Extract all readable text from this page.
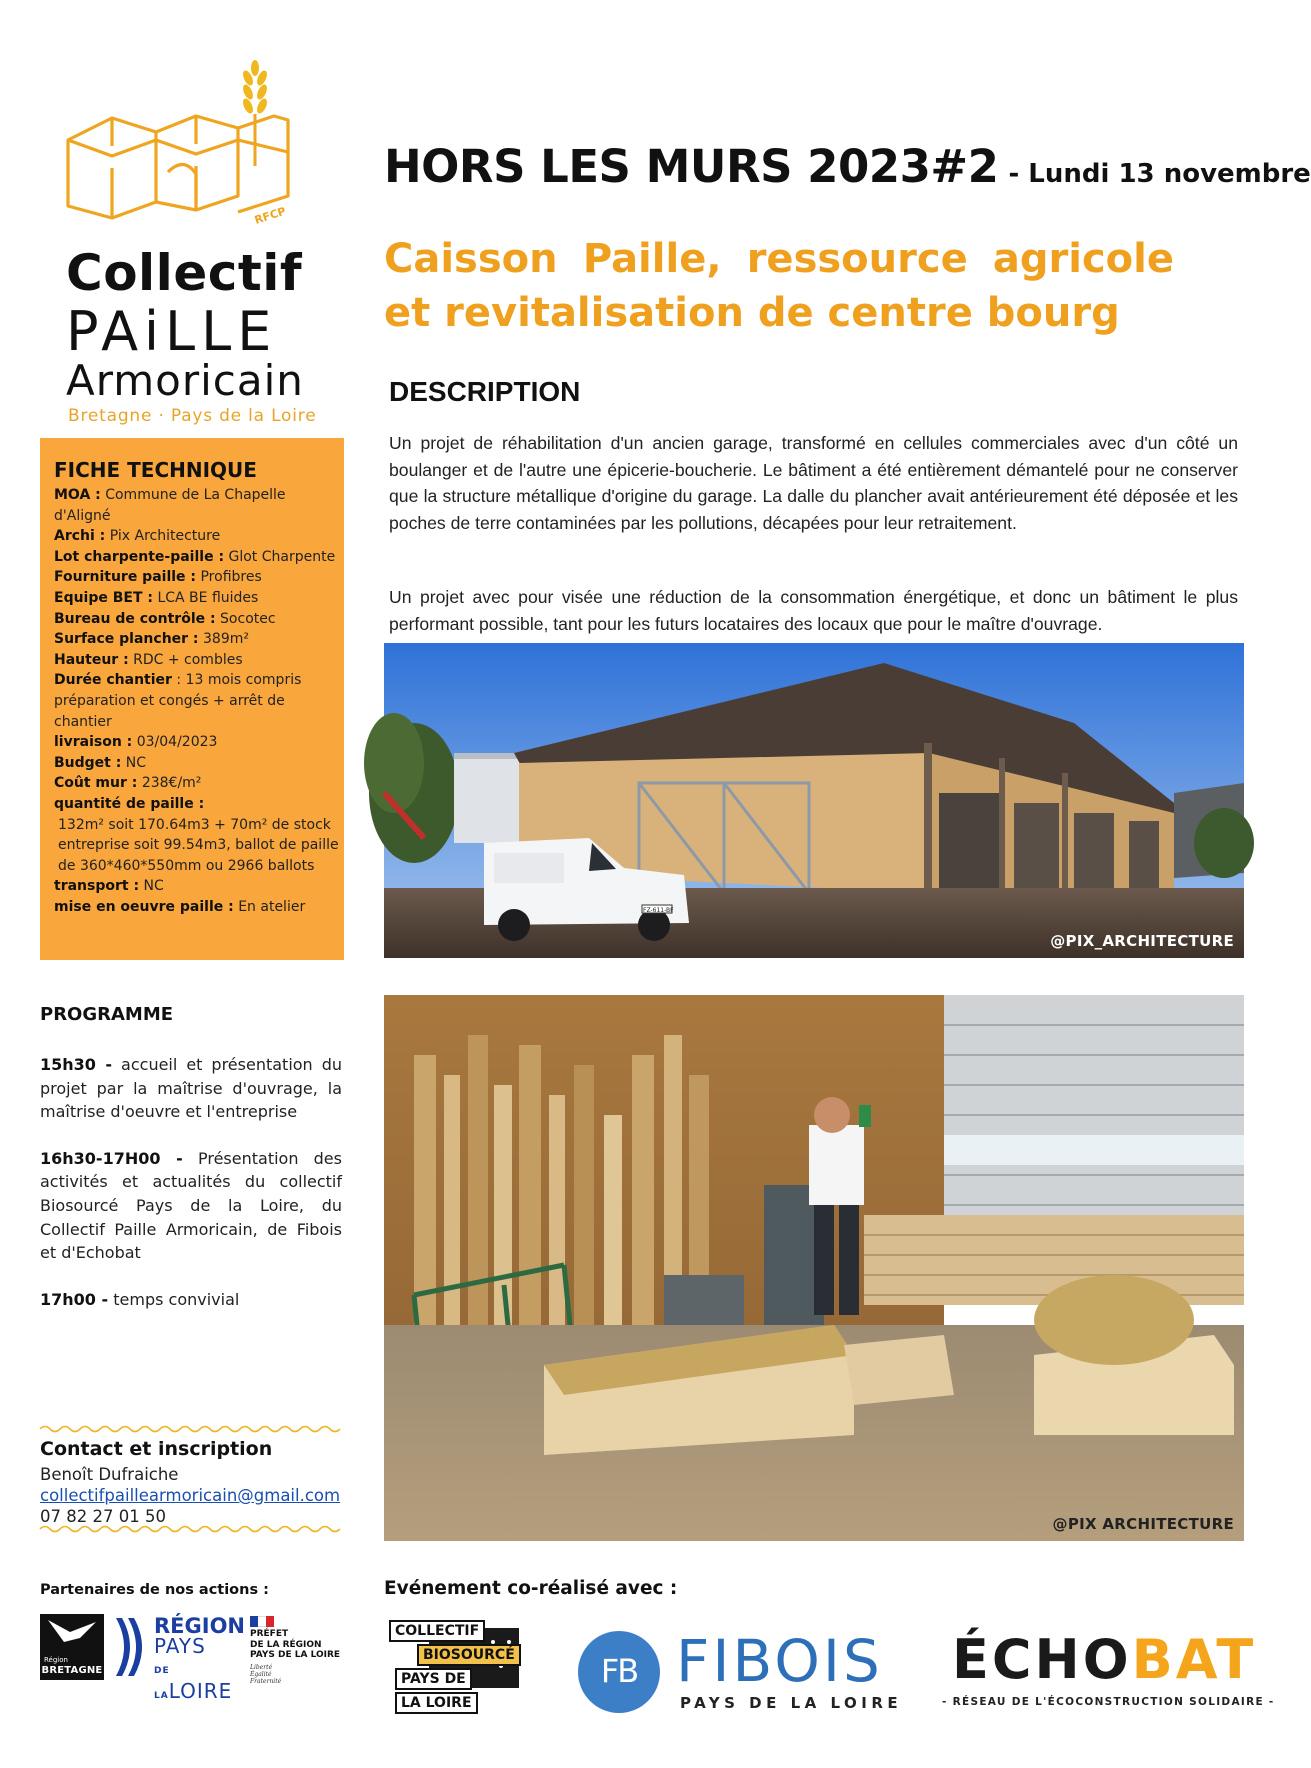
RFCP
Collectif
PAiLLE
Armoricain
Bretagne · Pays de la Loire
HORS LES MURS 2023#2 - Lundi 13 novembre
Caisson Paille, ressource agricole et revitalisation de centre bourg
DESCRIPTION
Un projet de réhabilitation d'un ancien garage, transformé en cellules commerciales avec d'un côté un boulanger et de l'autre une épicerie-boucherie. Le bâtiment a été entièrement démantelé pour ne conserver que la structure métallique d'origine du garage. La dalle du plancher avait antérieurement été déposée et les poches de terre contaminées par les pollutions, décapées pour leur retraitement.
Un projet avec pour visée une réduction de la consommation énergétique, et donc un bâtiment le plus performant possible, tant pour les futurs locataires des locaux que pour le maître d'ouvrage.
FZ-611-BF
@PIX_ARCHITECTURE
@PIX ARCHITECTURE
FICHE TECHNIQUE
MOA : Commune de La Chapelle d'Aligné
Archi : Pix Architecture
Lot charpente-paille : Glot Charpente
Fourniture paille : Profibres
Equipe BET : LCA BE fluides
Bureau de contrôle : Socotec
Surface plancher : 389m²
Hauteur : RDC + combles
Durée chantier : 13 mois compris préparation et congés + arrêt de chantier
livraison : 03/04/2023
Budget : NC
Coût mur : 238€/m²
quantité de paille :
132m² soit 170.64m3 + 70m² de stock entreprise soit 99.54m3, ballot de paille de 360*460*550mm ou 2966 ballots
transport : NC
mise en oeuvre paille : En atelier
PROGRAMME
15h30 - accueil et présentation du projet par la maîtrise d'ouvrage, la maîtrise d'oeuvre et l'entreprise
16h30-17H00 - Présentation des activités et actualités du collectif Biosourcé Pays de la Loire, du Collectif Paille Armoricain, de Fibois et d'Echobat
17h00 - temps convivial
Contact et inscription
Benoît Dufraiche
collectifpaillearmoricain@gmail.com
07 82 27 01 50
Partenaires de nos actions :
Région
BRETAGNE
RÉGION
PAYS
DE LALOIRE
PRÉFET
DE LA RÉGION
PAYS DE LA LOIRE
Liberté
Égalité
Fraternité
Evénement co-réalisé avec :
COLLECTIF
BIOSOURCÉ
PAYS DE
LA LOIRE
FB FIBOIS
PAYS DE LA LOIRE
ÉCHOBAT
- RÉSEAU DE L'ÉCOCONSTRUCTION SOLIDAIRE -
